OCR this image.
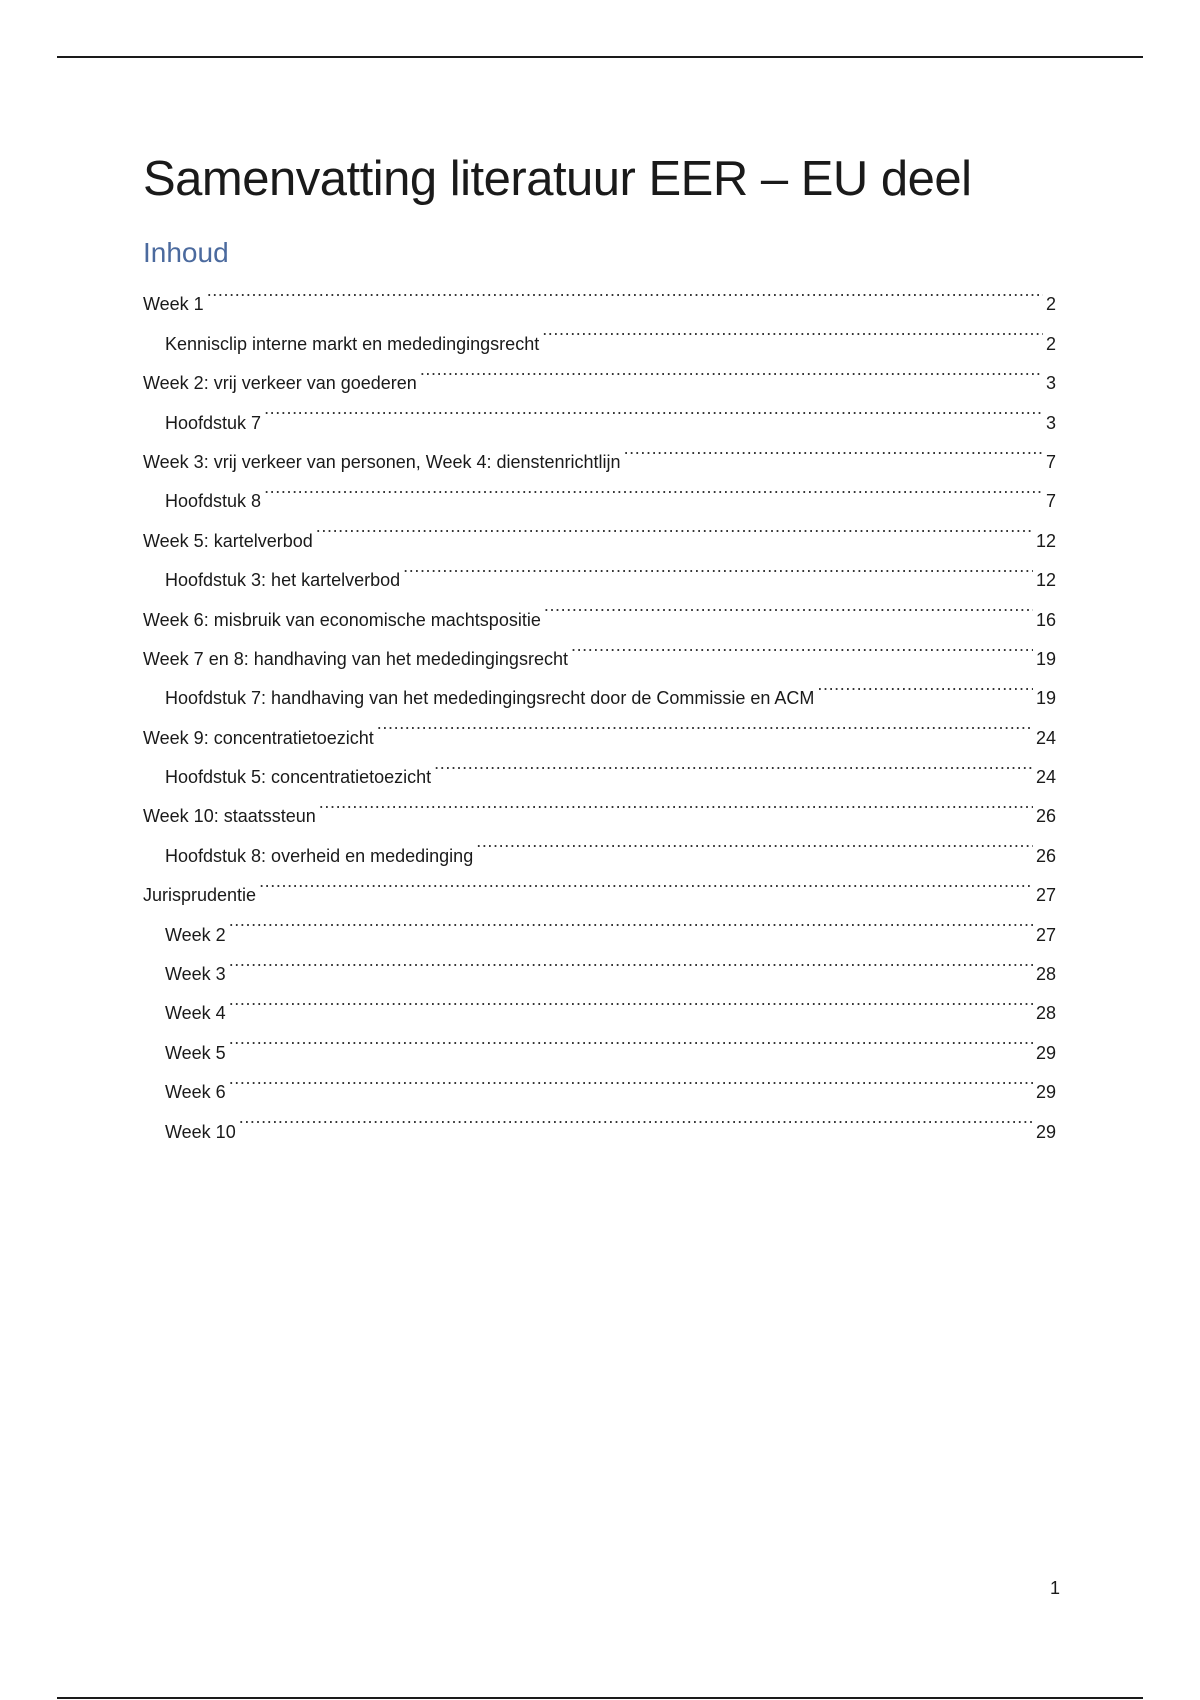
Samenvatting literatuur EER – EU deel
Inhoud
Week 1 .....	2
Kennisclip interne markt en mededingingsrecht .....	2
Week 2: vrij verkeer van goederen .....	3
Hoofdstuk 7 .....	3
Week 3: vrij verkeer van personen, Week 4: dienstenrichtlijn .....	7
Hoofdstuk 8 .....	7
Week 5: kartelverbod .....	12
Hoofdstuk 3: het kartelverbod .....	12
Week 6: misbruik van economische machtspositie .....	16
Week 7 en 8: handhaving van het mededingingsrecht .....	19
Hoofdstuk 7: handhaving van het mededingingsrecht door de Commissie en ACM .....	19
Week 9: concentratietoezicht .....	24
Hoofdstuk 5: concentratietoezicht .....	24
Week 10: staatssteun .....	26
Hoofdstuk 8: overheid en mededinging .....	26
Jurisprudentie .....	27
Week 2 .....	27
Week 3 .....	28
Week 4 .....	28
Week 5 .....	29
Week 6 .....	29
Week 10 .....	29
1
